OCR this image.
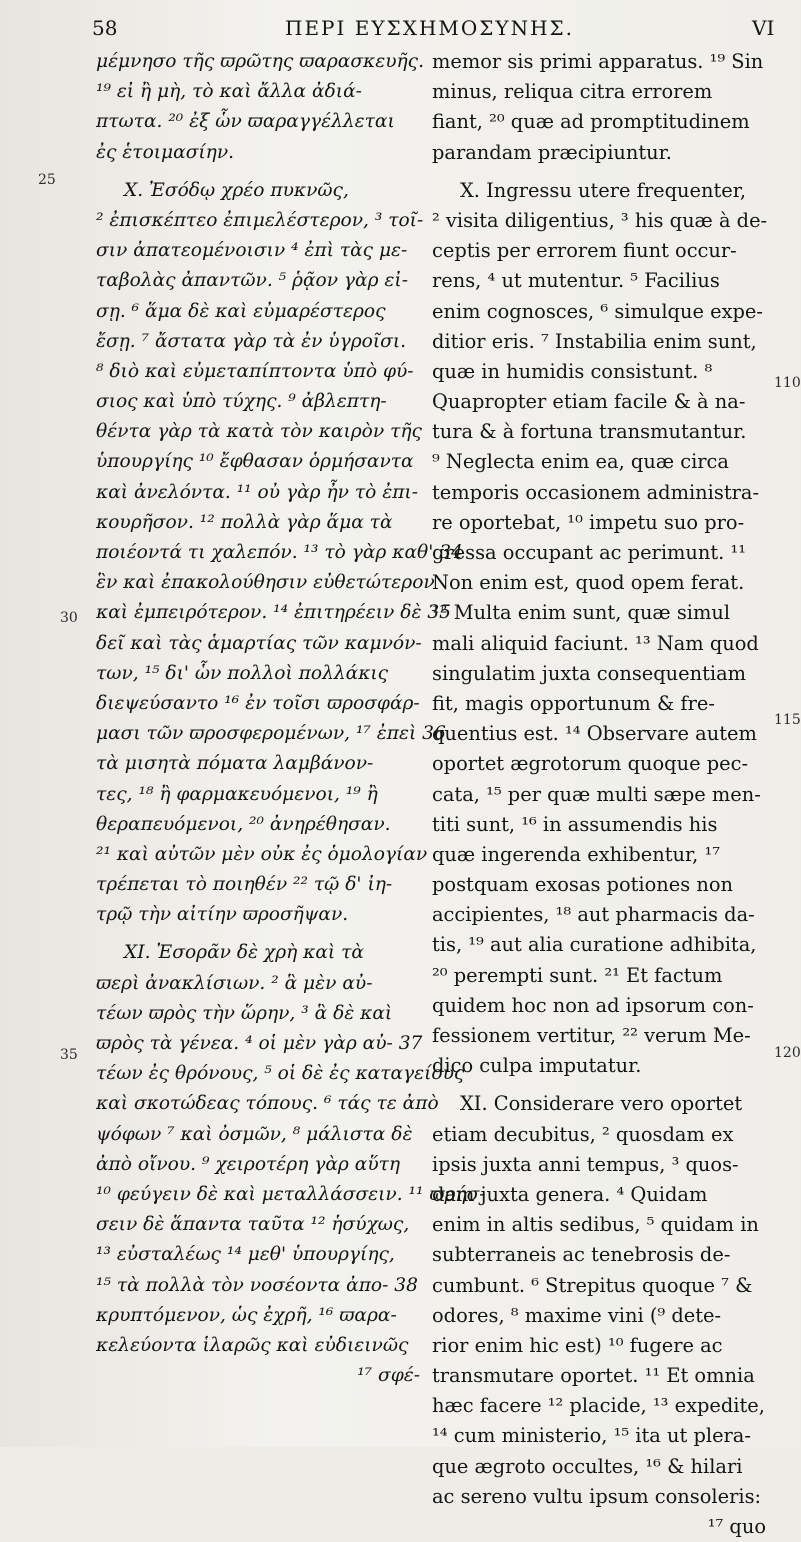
58	ΠΕΡΙ ΕΥΣΧΗΜΟΣΥΝΗΣ.	VI
25
30
35
110
115
120
μέμνησο τῆς ϖρῶτης ϖαρασκευῆς.
¹⁹ εἰ ἢ μὴ, τὸ καὶ ἄλλα ἀδιά-
πτωτα. ²⁰ ἐξ ὧν ϖαραγγέλλεται
ἐς ἑτοιμασίην.
X. Ἐσόδῳ χρέο πυκνῶς,
² ἐπισκέπτεο ἐπιμελέστερον, ³ τοῖ-
σιν ἀπατεομένοισιν ⁴ ἐπὶ τὰς με-
ταβολὰς ἀπαντῶν. ⁵ ῥᾷον γὰρ εἰ-
σῃ. ⁶ ἅμα δὲ καὶ εὐμαρέστερος
ἔσῃ. ⁷ ἄστατα γὰρ τὰ ἐν ὑγροῖσι.
⁸ διὸ καὶ εὐμεταπίπτοντα ὑπὸ φύ-
σιος καὶ ὑπὸ τύχης. ⁹ ἀβλεπτη-
θέντα γὰρ τὰ κατὰ τὸν καιρὸν τῆς
ὑπουργίης ¹⁰ ἔφθασαν ὁρμήσαντα
καὶ ἀνελόντα. ¹¹ οὐ γὰρ ἦν τὸ ἐπι-
κουρῆσον. ¹² πολλὰ γὰρ ἅμα τὰ
ποιέοντά τι χαλεπόν. ¹³ τὸ γὰρ καθ' 34
ἓν καὶ ἐπακολούθησιν εὐθετώτερον
καὶ ἐμπειρότερον. ¹⁴ ἐπιτηρέειν δὲ 35
δεῖ καὶ τὰς ἁμαρτίας τῶν καμνόν-
των, ¹⁵ δι' ὧν πολλοὶ πολλάκις
διεψεύσαντο ¹⁶ ἐν τοῖσι ϖροσφάρ-
μασι τῶν ϖροσφερομένων, ¹⁷ ἐπεὶ 36
τὰ μισητὰ πόματα λαμβάνον-
τες, ¹⁸ ἢ φαρμακευόμενοι, ¹⁹ ἢ
θεραπευόμενοι, ²⁰ ἀνηρέθησαν.
²¹ καὶ αὐτῶν μὲν οὐκ ἐς ὁμολογίαν
τρέπεται τὸ ποιηθέν ²² τῷ δ' ἰη-
τρῷ τὴν αἰτίην ϖροσῆψαν.
XI. Ἐσορᾶν δὲ χρὴ καὶ τὰ
ϖερὶ ἀνακλίσιων. ² ἃ μὲν αὐ-
τέων ϖρὸς τὴν ὥρην, ³ ἃ δὲ καὶ
ϖρὸς τὰ γένεα. ⁴ οἱ μὲν γὰρ αὐ- 37
τέων ἐς θρόνους, ⁵ οἱ δὲ ἐς καταγείους
καὶ σκοτώδεας τόπους. ⁶ τάς τε ἀπὸ
ψόφων ⁷ καὶ ὀσμῶν, ⁸ μάλιστα δὲ
ἀπὸ οἴνου. ⁹ χειροτέρη γὰρ αὕτη
¹⁰ φεύγειν δὲ καὶ μεταλλάσσειν. ¹¹ ϖρήσ-
σειν δὲ ἅπαντα ταῦτα ¹² ἡσύχως,
¹³ εὐσταλέως ¹⁴ μεθ' ὑπουργίης,
¹⁵ τὰ πολλὰ τὸν νοσέοντα ἀπο- 38
κρυπτόμενον, ὡς ἐχρῆ, ¹⁶ ϖαρα-
κελεύοντα ἱλαρῶς καὶ εὐδιεινῶς
¹⁷ σφέ-
memor sis primi apparatus. ¹⁹ Sin
minus, reliqua citra errorem
fiant, ²⁰ quæ ad promptitudinem
parandam præcipiuntur.
X. Ingressu utere frequenter,
² visita diligentius, ³ his quæ à de-
ceptis per errorem fiunt occur-
rens, ⁴ ut mutentur. ⁵ Facilius
enim cognosces, ⁶ simulque expe-
ditior eris. ⁷ Instabilia enim sunt,
quæ in humidis consistunt. ⁸
Quapropter etiam facile & à na-
tura & à fortuna transmutantur.
⁹ Neglecta enim ea, quæ circa
temporis occasionem administra-
re oportebat, ¹⁰ impetu suo pro-
gressa occupant ac perimunt. ¹¹
Non enim est, quod opem ferat.
¹² Multa enim sunt, quæ simul
mali aliquid faciunt. ¹³ Nam quod
singulatim juxta consequentiam
fit, magis opportunum & fre-
quentius est. ¹⁴ Observare autem
oportet ægrotorum quoque pec-
cata, ¹⁵ per quæ multi sæpe men-
titi sunt, ¹⁶ in assumendis his
quæ ingerenda exhibentur, ¹⁷
postquam exosas potiones non
accipientes, ¹⁸ aut pharmacis da-
tis, ¹⁹ aut alia curatione adhibita,
²⁰ perempti sunt. ²¹ Et factum
quidem hoc non ad ipsorum con-
fessionem vertitur, ²² verum Me-
dico culpa imputatur.
XI. Considerare vero oportet
etiam decubitus, ² quosdam ex
ipsis juxta anni tempus, ³ quos-
dam juxta genera. ⁴ Quidam
enim in altis sedibus, ⁵ quidam in
subterraneis ac tenebrosis de-
cumbunt. ⁶ Strepitus quoque ⁷ &
odores, ⁸ maxime vini (⁹ dete-
rior enim hic est) ¹⁰ fugere ac
transmutare oportet. ¹¹ Et omnia
hæc facere ¹² placide, ¹³ expedite,
¹⁴ cum ministerio, ¹⁵ ita ut plera-
que ægroto occultes, ¹⁶ & hilari
ac sereno vultu ipsum consoleris:
¹⁷ quo
